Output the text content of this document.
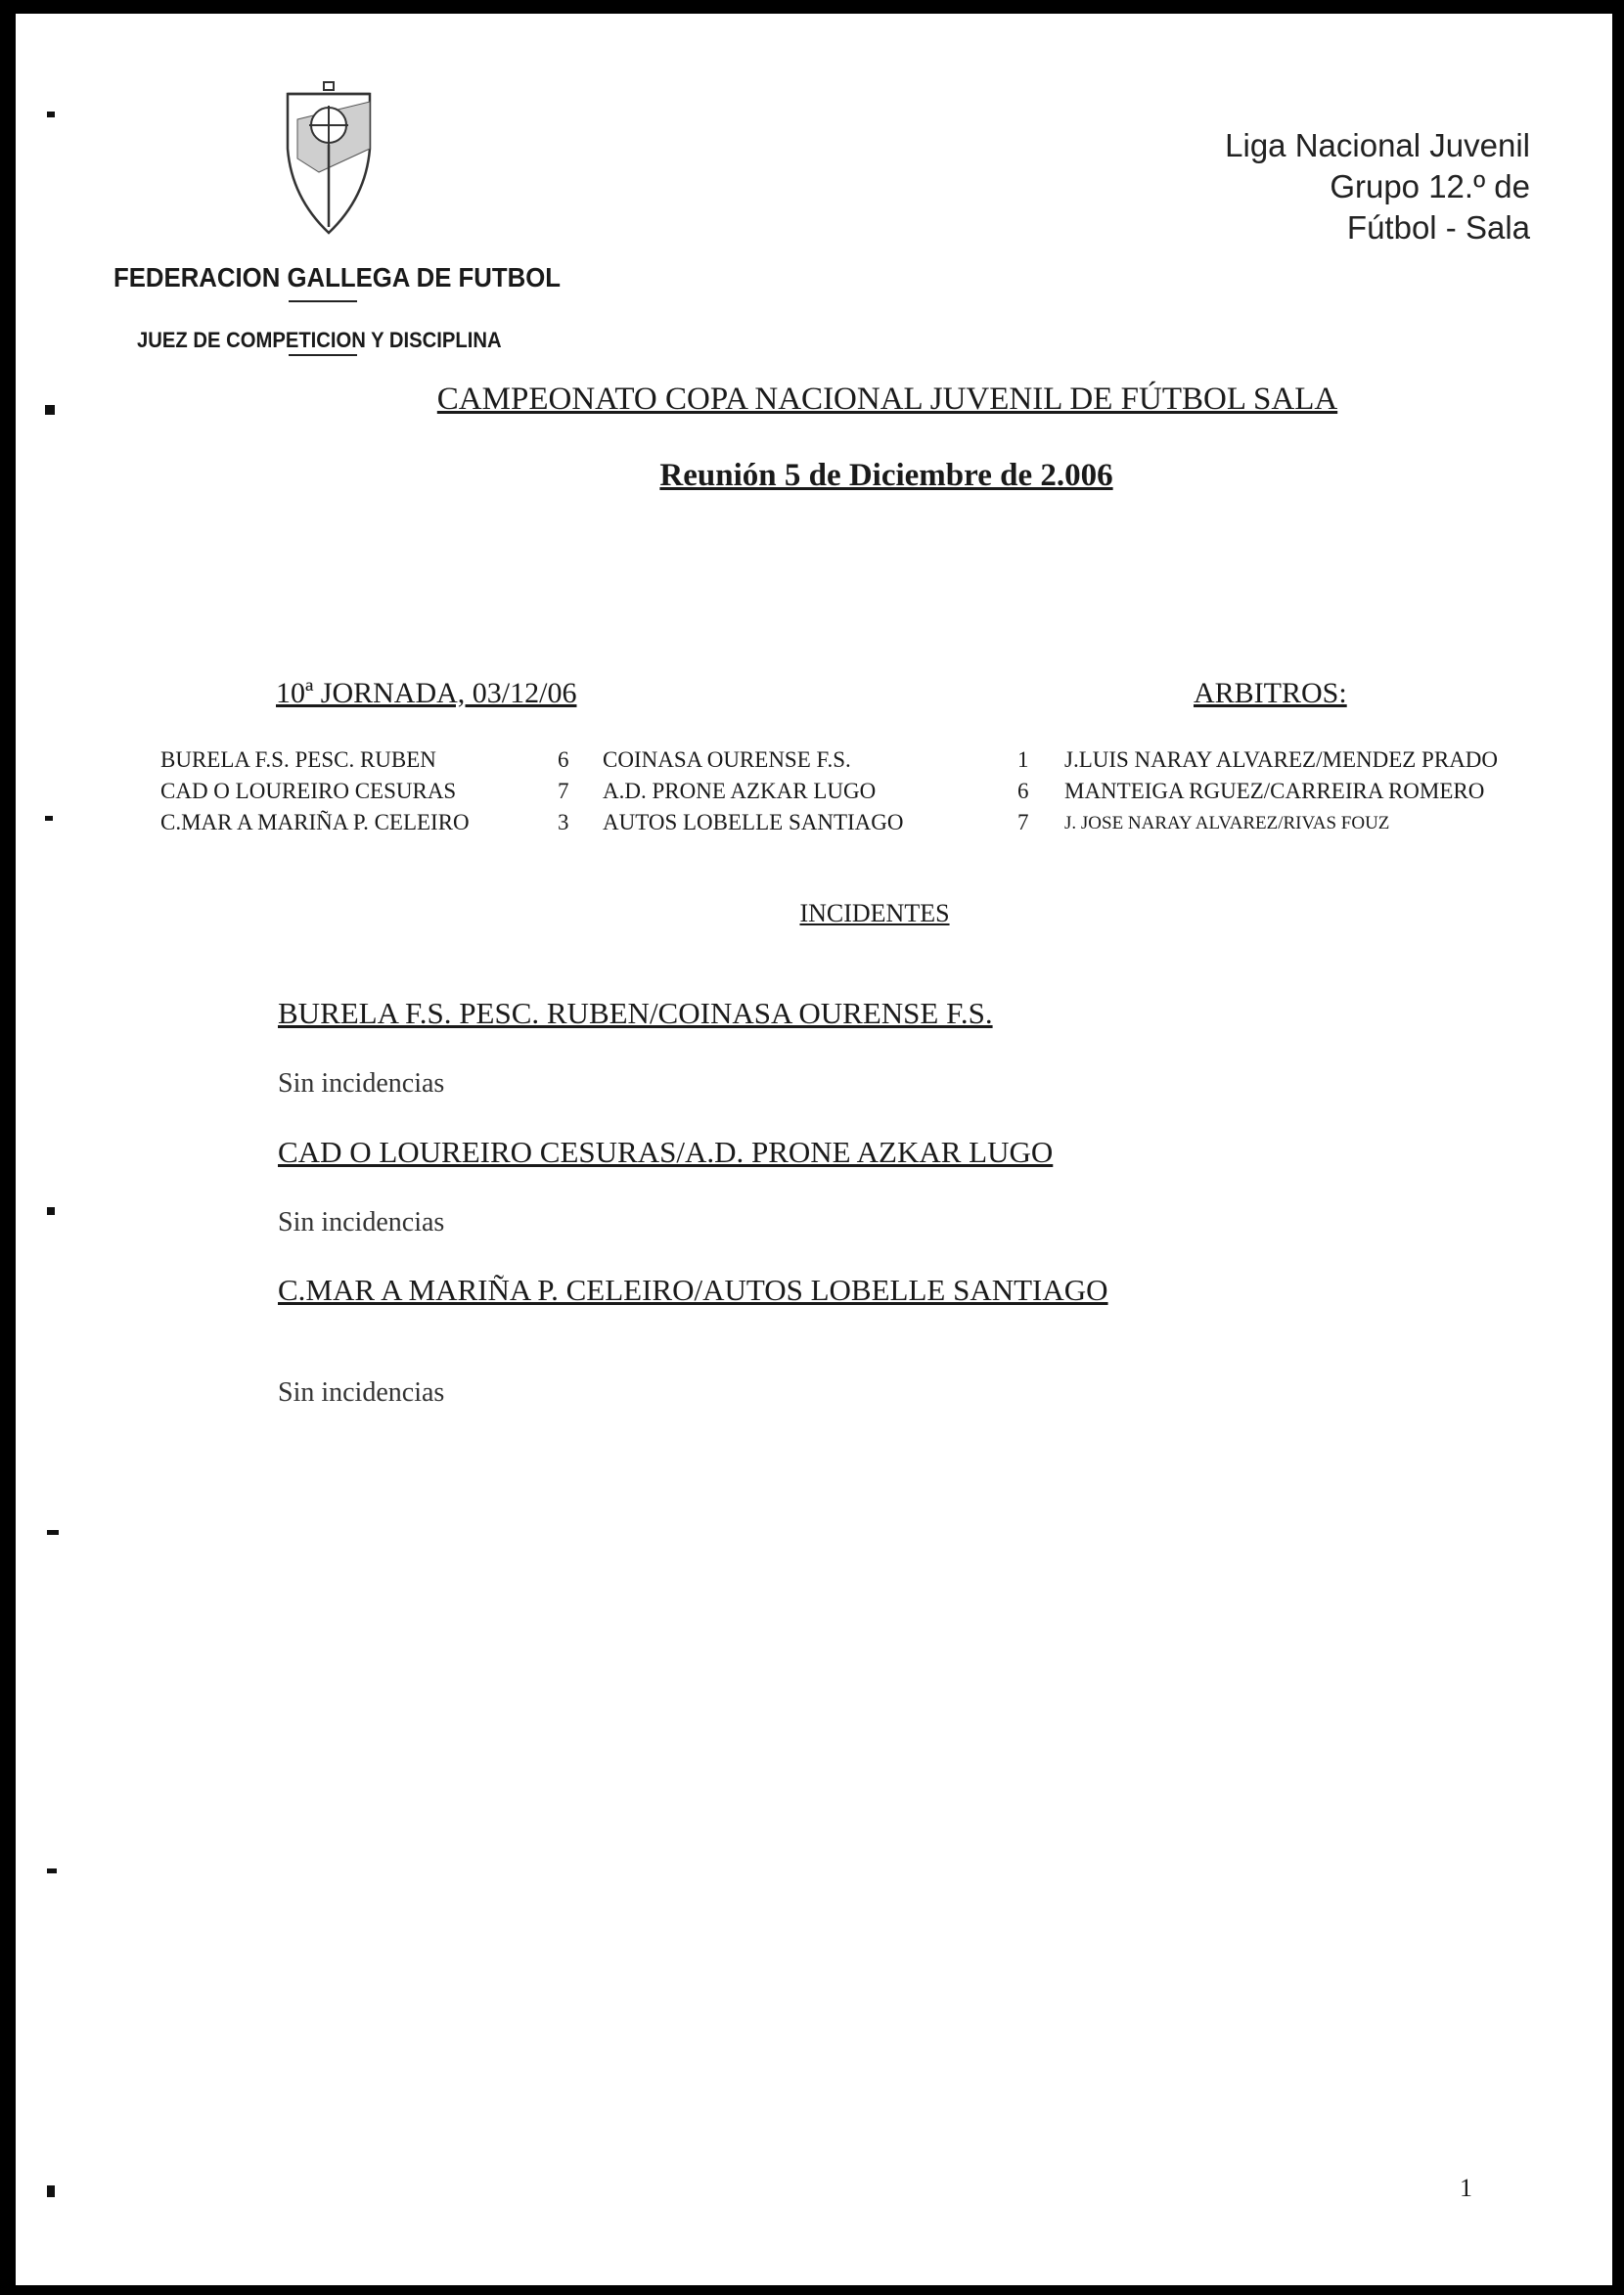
FEDERACION GALLEGA DE FUTBOL
JUEZ DE COMPETICION Y DISCIPLINA
Liga Nacional Juvenil
Grupo 12.º de
Fútbol - Sala
CAMPEONATO COPA NACIONAL JUVENIL DE FÚTBOL SALA
Reunión 5 de Diciembre de 2.006
10ª JORNADA, 03/12/06	ARBITROS:
BURELA F.S. PESC. RUBEN	6 COINASA OURENSE F.S.	1 J.LUIS NARAY ALVAREZ/MENDEZ PRADO
CAD O LOUREIRO CESURAS	7 A.D. PRONE AZKAR LUGO	6 MANTEIGA RGUEZ/CARREIRA ROMERO
C.MAR A MARIÑA P. CELEIRO	3 AUTOS LOBELLE SANTIAGO	7 J. JOSE NARAY ALVAREZ/RIVAS FOUZ
INCIDENTES
BURELA F.S. PESC. RUBEN/COINASA OURENSE F.S.
Sin incidencias
CAD O LOUREIRO CESURAS/A.D. PRONE AZKAR LUGO
Sin incidencias
C.MAR A MARIÑA P. CELEIRO/AUTOS LOBELLE SANTIAGO
Sin incidencias
1
